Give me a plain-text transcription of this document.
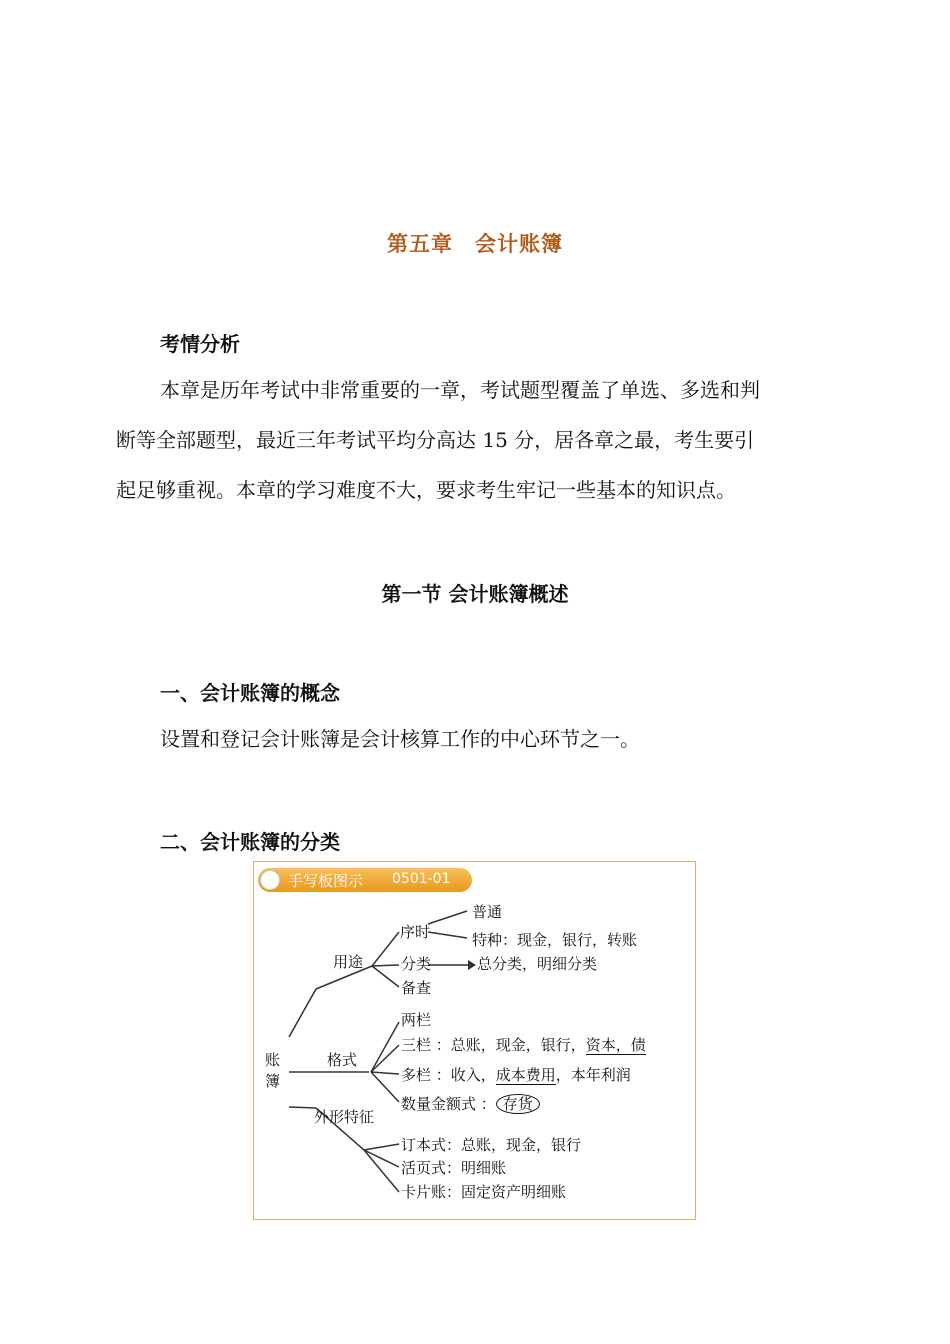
第五章　会计账簿
考情分析
本章是历年考试中非常重要的一章，考试题型覆盖了单选、多选和判
断等全部题型，最近三年考试平均分高达 15 分，居各章之最，考生要引
起足够重视。本章的学习难度不大，要求考生牢记一些基本的知识点。
第一节 会计账簿概述
一、会计账簿的概念
设置和登记会计账簿是会计核算工作的中心环节之一。
二、会计账簿的分类
手写板图示 0501-01
账
簿
用途
序时
普通
特种：现金，银行，转账
分类	总分类，明细分类
备查
格式
两栏
三栏 ：总账，现金，银行，资本，债
多栏 ：收入，成本费用，本年利润
数量金额式 ： 存货
外形特征
订本式：总账，现金，银行
活页式：明细账
卡片账：固定资产明细账
